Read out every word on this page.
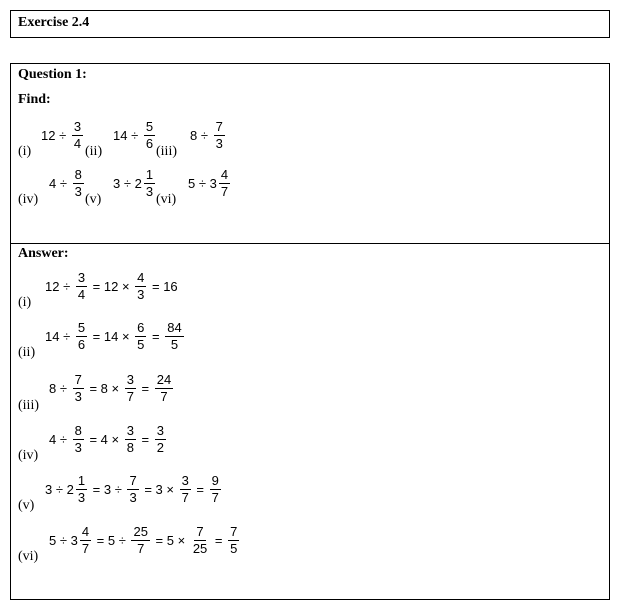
Exercise 2.4
Question 1:
Find:
(i)
$12 \div \frac{3}{4}$
(ii)
$14 \div \frac{5}{6}$
(iii)
$8 \div \frac{7}{3}$
(iv)
$4 \div \frac{8}{3}$
(v)
$3 \div 2 \frac{1}{3}$
(vi)
$5 \div 3 \frac{4}{7}$
Answer:
(i)
$12 \div \frac{3}{4} = 12 \times \frac{4}{3} = 16$
(ii)
$14 \div \frac{5}{6} = 14 \times \frac{6}{5} = \frac{84}{5}$
(iii)
$8 \div \frac{7}{3} = 8 \times \frac{3}{7} = \frac{24}{7}$
(iv)
$4 \div \frac{8}{3} = 4 \times \frac{3}{8} = \frac{3}{2}$
(v)
$3 \div 2 \frac{1}{3} = 3 \div \frac{7}{3} = 3 \times \frac{3}{7} = \frac{9}{7}$
(vi)
$5 \div 3 \frac{4}{7} = 5 \div \frac{25}{7} = 5 \times \frac{7}{25} = \frac{7}{5}$
